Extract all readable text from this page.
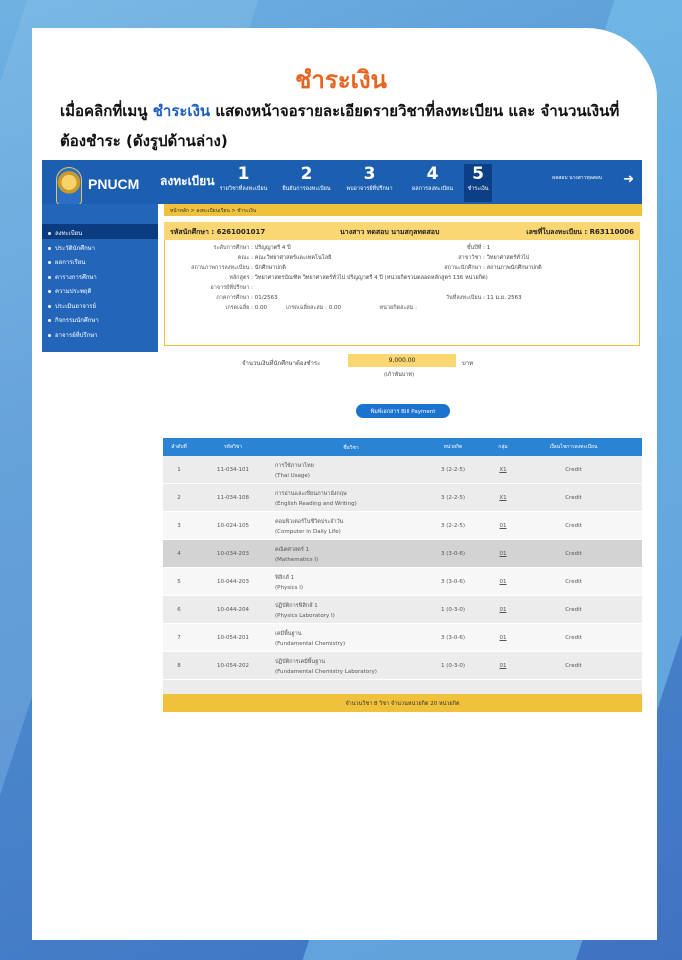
ชำระเงิน
เมื่อคลิกที่เมนู ชำระเงิน แสดงหน้าจอรายละเอียดรายวิชาที่ลงทะเบียน และ จำนวนเงินที่ต้องชำระ (ดังรูปด้านล่าง)
PNUCM ลงทะเบียน	1
รายวิชาที่ลงทะเบียน
2
ยืนยันการลงทะเบียน
3
พบอาจารย์ที่ปรึกษา
4
ผลการลงทะเบียน
5
ชำระเงิน
ผลสอบ นางสาวทุลสอบ ➜
ลงทะเบียน
ประวัตินักศึกษา
ผลการเรียน
ตารางการศึกษา
ความประพฤติ
ประเมินอาจารย์
กิจกรรมนักศึกษา
อาจารย์ที่ปรึกษา
หน้าหลัก > ลงทะเบียนเรียน > ชำระเงิน
รหัสนักศึกษา : 6261001017	นางสาว ทดสอบ นามสกุลทดสอบ	เลขที่ใบลงทะเบียน : R63110006
ระดับการศึกษา : ปริญญาตรี 4 ปี	ชั้นปีที่ : 1
คณะ : คณะวิทยาศาสตร์และเทคโนโลยี	สาขาวิชา : วิทยาศาสตร์ทั่วไป
สถานภาพการลงทะเบียน : นักศึกษาปกติ	สถานะนักศึกษา : สถานภาพนักศึกษาปกติ
หลักสูตร : วิทยาศาสตรบัณฑิต วิทยาศาสตร์ทั่วไป ปริญญาตรี 4 ปี (หน่วยกิตรวมตลอดหลักสูตร 136 หน่วยกิต)
อาจารย์ที่ปรึกษา :
ภาคการศึกษา : 01/2563	วันที่ลงทะเบียน : 11 ม.ย. 2563
เกรดเฉลี่ย : 0.00	เกรดเฉลี่ยสะสม : 0.00	หน่วยกิตสะสม :
จำนวนเงินที่นักศึกษาต้องชำระ	9,000.00	บาท
(เก้าพันบาท)
พิมพ์เอกสาร Bill Payment
ลำดับที่	รหัสวิชา	ชื่อวิชา	หน่วยกิต	กลุ่ม	เงื่อนไขการลงทะเบียน
1	11-034-101
การใช้ภาษาไทย
(Thai Usage)
3 (2-2-5)	X1	Credit
2	11-034-108
การอ่านและเขียนภาษาอังกฤษ
(English Reading and Writing)
3 (2-2-5)	X1	Credit
3	10-024-105
คอมพิวเตอร์ในชีวิตประจำวัน
(Computer in Daily Life)
3 (2-2-5)	01	Credit
4	10-034-203
คณิตศาสตร์ 1
(Mathematics I)
3 (3-0-6)	01	Credit
5	10-044-203
ฟิสิกส์ 1
(Physics I)
3 (3-0-6)	01	Credit
6	10-044-204
ปฏิบัติการฟิสิกส์ 1
(Physics Laboratory I)
1 (0-3-0)	01	Credit
7	10-054-201
เคมีพื้นฐาน
(Fundamental Chemistry)
3 (3-0-6)	01	Credit
8	10-054-202
ปฏิบัติการเคมีพื้นฐาน
(Fundamental Chemistry Laboratory)
1 (0-3-0)	01	Credit
จำนวนวิชา 8 วิชา จำนวนหน่วยกิต 20 หน่วยกิต
